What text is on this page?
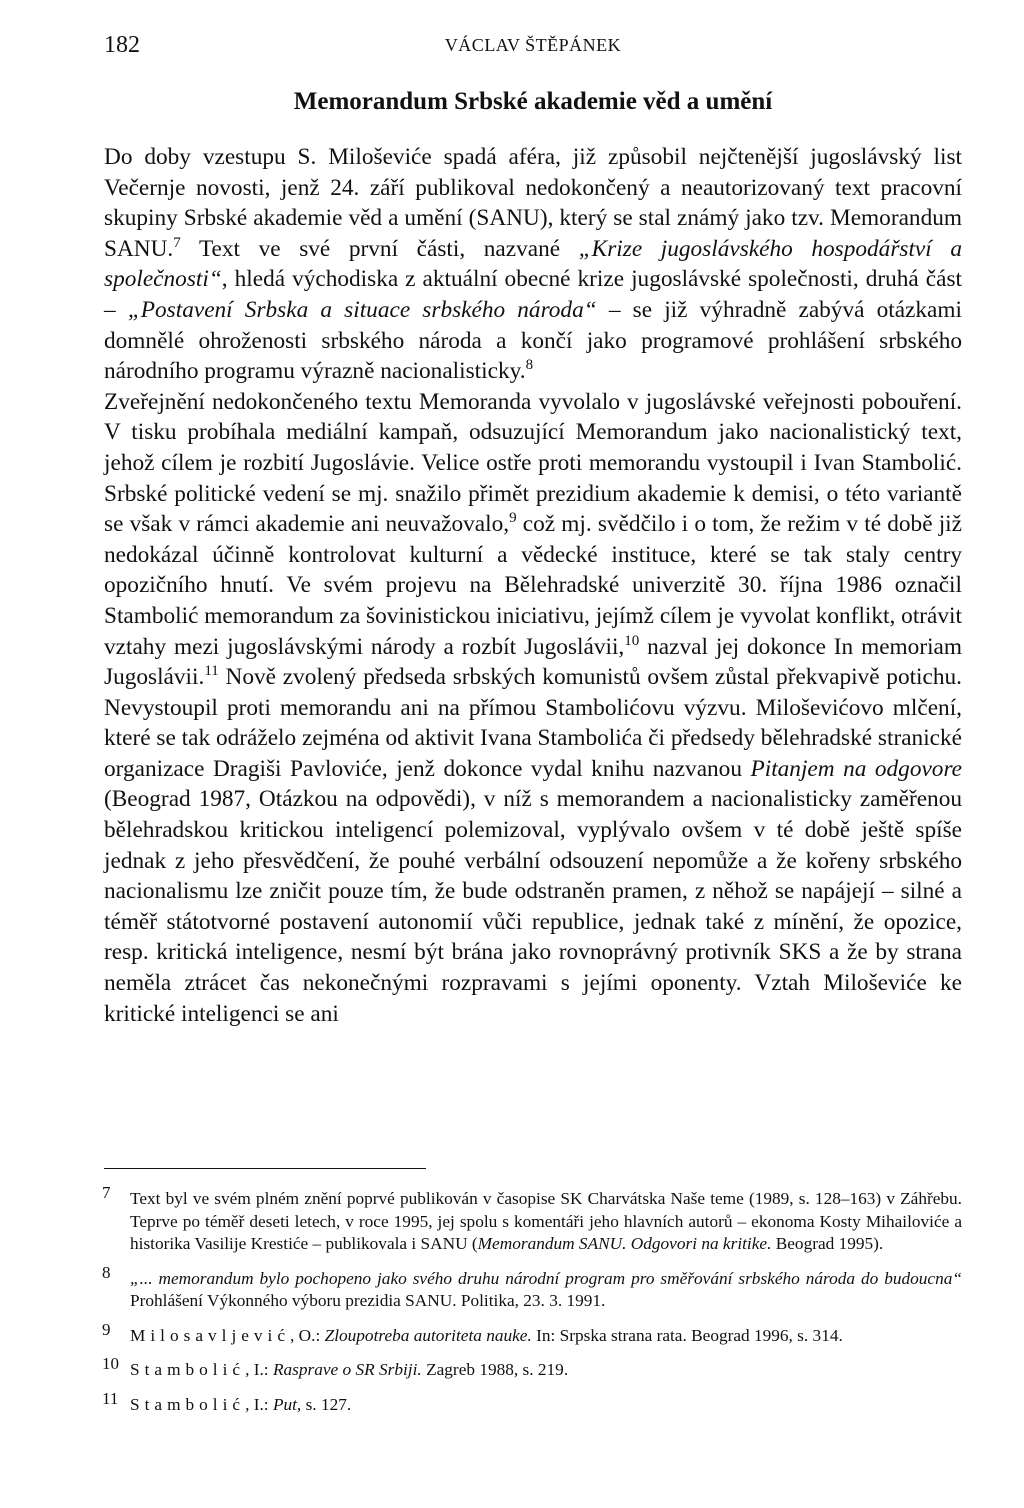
182	VÁCLAV ŠTĚPÁNEK
Memorandum Srbské akademie věd a umění

Do doby vzestupu S. Miloševiće spadá aféra, již způsobil nejčtenější jugoslávský list Večernje novosti, jenž 24. září publikoval nedokončený a neautorizovaný text pracovní skupiny Srbské akademie věd a umění (SANU), který se stal známý jako tzv. Memorandum SANU.$^7$ Text ve své první části, nazvané „Krize jugoslávského hospodářství a společnosti“, hledá východiska z aktuální obecné krize jugoslávské společnosti, druhá část – „Postavení Srbska a situace srbského národa“ – se již výhradně zabývá otázkami domnělé ohroženosti srbského národa a končí jako programové prohlášení srbského národního programu výrazně nacionalisticky.$^8$

Zveřejnění nedokončeného textu Memoranda vyvolalo v jugoslávské veřejnosti pobouření. V tisku probíhala mediální kampaň, odsuzující Memorandum jako nacionalistický text, jehož cílem je rozbití Jugoslávie. Velice ostře proti memorandu vystoupil i Ivan Stambolić. Srbské politické vedení se mj. snažilo přimět prezidium akademie k demisi, o této variantě se však v rámci akademie ani neuvažovalo,$^9$ což mj. svědčilo i o tom, že režim v té době již nedokázal účinně kontrolovat kulturní a vědecké instituce, které se tak staly centry opozičního hnutí. Ve svém projevu na Bělehradské univerzitě 30. října 1986 označil Stambolić memorandum za šovinistickou iniciativu, jejímž cílem je vyvolat konflikt, otrávit vztahy mezi jugoslávskými národy a rozbít Jugoslávii,$^{10}$ nazval jej dokonce In memoriam Jugoslávii.$^{11}$ Nově zvolený předseda srbských komunistů ovšem zůstal překvapivě potichu. Nevystoupil proti memorandu ani na přímou Stambolićovu výzvu. Miloševićovo mlčení, které se tak odráželo zejména od aktivit Ivana Stambolića či předsedy bělehradské stranické organizace Dragiši Pavloviće, jenž dokonce vydal knihu nazvanou Pitanjem na odgovore (Beograd 1987, Otázkou na odpovědi), v níž s memorandem a nacionalisticky zaměřenou bělehradskou kritickou inteligencí polemizoval, vyplývalo ovšem v té době ještě spíše jednak z jeho přesvědčení, že pouhé verbální odsouzení nepomůže a že kořeny srbského nacionalismu lze zničit pouze tím, že bude odstraněn pramen, z něhož se napájejí – silné a téměř státotvorné postavení autonomií vůči republice, jednak také z mínění, že opozice, resp. kritická inteligence, nesmí být brána jako rovnoprávný protivník SKS a že by strana neměla ztrácet čas nekonečnými rozpravami s jejími oponenty. Vztah Miloševiće ke kritické inteligenci se ani

7 Text byl ve svém plném znění poprvé publikován v časopise SK Charvátska Naše teme (1989, s. 128–163) v Záhřebu. Teprve po téměř deseti letech, v roce 1995, jej spolu s komentáři jeho hlavních autorů – ekonoma Kosty Mihailoviće a historika Vasilije Krestiće – publikovala i SANU (Memorandum SANU. Odgovori na kritike. Beograd 1995).
8 „... memorandum bylo pochopeno jako svého druhu národní program pro směřování srbského národa do budoucna“ Prohlášení Výkonného výboru prezidia SANU. Politika, 23. 3. 1991.
9 Milosavljević, O.: Zloupotreba autoriteta nauke. In: Srpska strana rata. Beograd 1996, s. 314.
10 Stambolić, I.: Rasprave o SR Srbiji. Zagreb 1988, s. 219.
11 Stambolić, I.: Put, s. 127.
